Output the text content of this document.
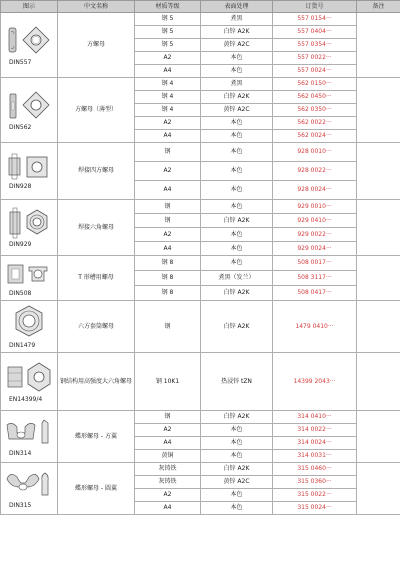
图示	中文名称	材质等级	表面处理	订货号	备注

DIN557	方螺母	钢 5	煮黑	557 0154···	
		钢 5	白锌 A2K	557 0404···	
		钢 5	黄锌 A2C	557 0354···	
		A2	本色	557 0022···	
		A4	本色	557 0024···	

DIN562	方螺母（薄型）	钢 4	煮黑	562 0150···	
		钢 4	白锌 A2K	562 0450···	
		钢 4	黄锌 A2C	562 0350···	
		A2	本色	562 0022···	
		A4	本色	562 0024···	

DIN928	焊接四方螺母	钢	本色	928 0010···	
		A2	本色	928 0022···	
		A4	本色	928 0024···	

DIN929	焊接六角螺母	钢	本色	929 0010···	
		钢	白锌 A2K	929 0410···	
		A2	本色	929 0022···	
		A4	本色	929 0024···	

DIN508	T 形槽用螺母	钢 8	本色	508 0017···	
		钢 8	煮黑（发兰）	508 3117···	
		钢 8	白锌 A2K	508 0417···	

DIN1479	六方套筒螺母	钢	白锌 A2K	1479 0410···	

EN14399/4	钢结构用高强度大六角螺母	钢 10K1	热浸锌 tZN	14399 2043···	

DIN314	蝶形螺母 - 方翼	钢	白锌 A2K	314 0410···	
		A2	本色	314 0022···	
		A4	本色	314 0024···	
		黄铜	本色	314 0031···	

DIN315	蝶形螺母 - 圆翼	灰铸铁	白锌 A2K	315 0460···	
		灰铸铁	黄锌 A2C	315 0360···	
		A2	本色	315 0022···	
		A4	本色	315 0024···	
